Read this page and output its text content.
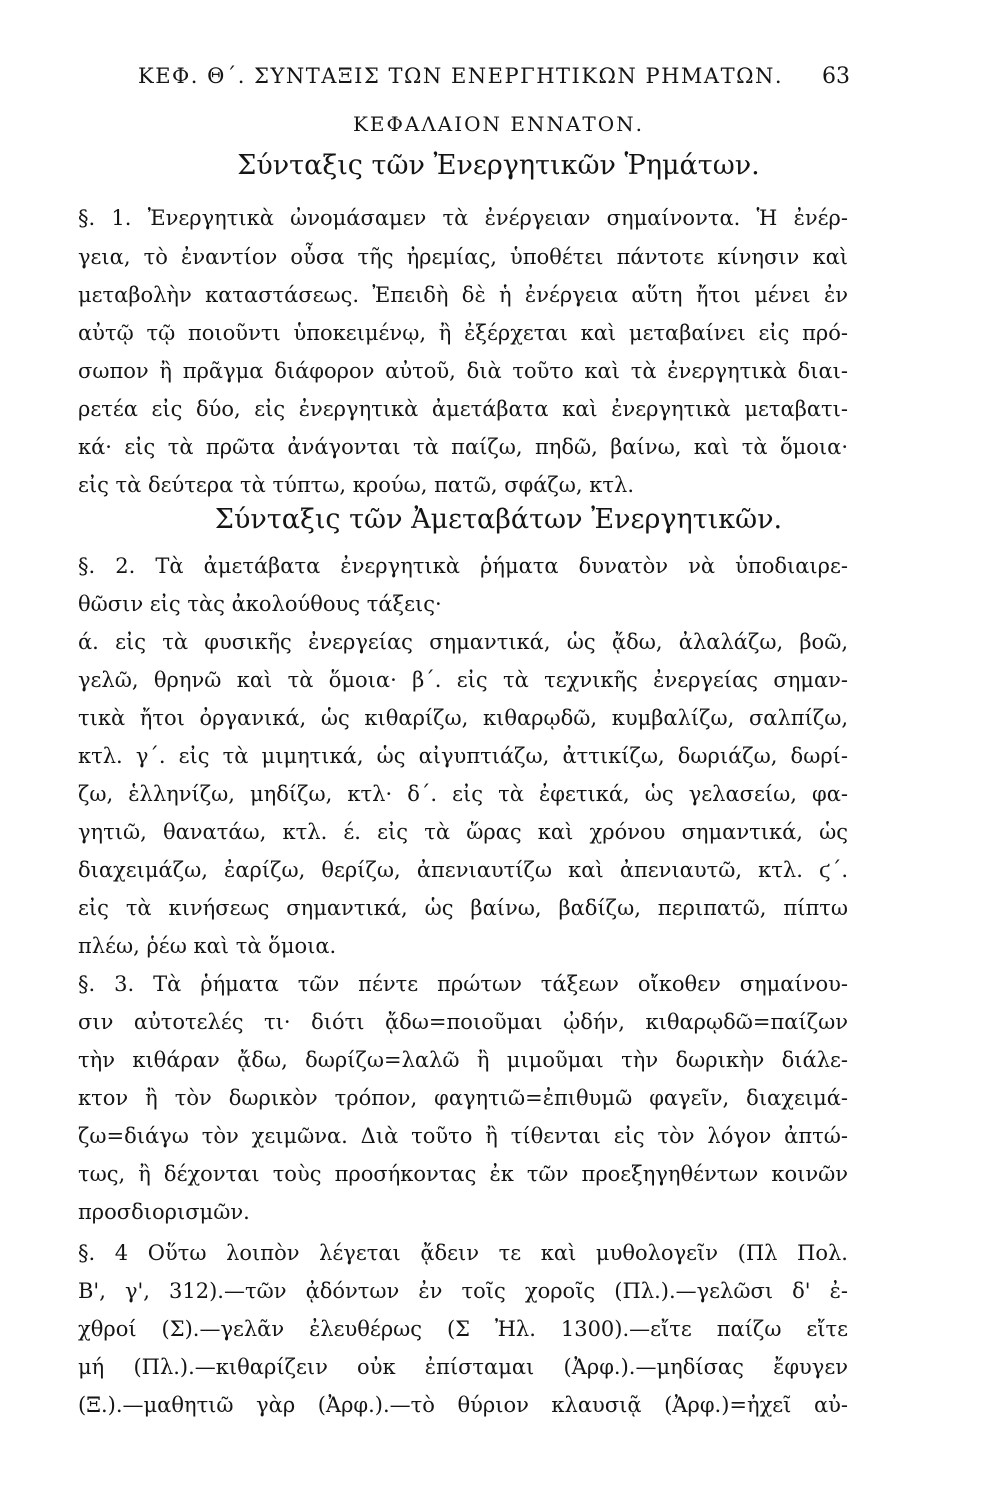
ΚΕΦ. Θ΄. ΣΥΝΤΑΞΙΣ ΤΩΝ ΕΝΕΡΓΗΤΙΚΩΝ ΡΗΜΑΤΩΝ. 63
ΚΕΦΑΛΑΙΟΝ ΕΝΝΑΤΟΝ.
Σύνταξις τῶν Ἐνεργητικῶν Ῥημάτων.
§. 1. Ἐνεργητικὰ ὠνομάσαμεν τὰ ἐνέργειαν σημαίνοντα. Ἡ ἐνέρ-
γεια, τὸ ἐναντίον οὖσα τῆς ἠρεμίας, ὑποθέτει πάντοτε κίνησιν καὶ
μεταβολὴν καταστάσεως. Ἐπειδὴ δὲ ἡ ἐνέργεια αὕτη ἤτοι μένει ἐν
αὐτῷ τῷ ποιοῦντι ὑποκειμένῳ, ἢ ἐξέρχεται καὶ μεταβαίνει εἰς πρό-
σωπον ἢ πρᾶγμα διάφορον αὐτοῦ, διὰ τοῦτο καὶ τὰ ἐνεργητικὰ διαι-
ρετέα εἰς δύο, εἰς ἐνεργητικὰ ἀμετάβατα καὶ ἐνεργητικὰ μεταβατι-
κά· εἰς τὰ πρῶτα ἀνάγονται τὰ παίζω, πηδῶ, βαίνω, καὶ τὰ ὅμοια·
εἰς τὰ δεύτερα τὰ τύπτω, κρούω, πατῶ, σφάζω, κτλ.
Σύνταξις τῶν Ἀμεταβάτων Ἐνεργητικῶν.
§. 2. Τὰ ἀμετάβατα ἐνεργητικὰ ῥήματα δυνατὸν νὰ ὑποδιαιρε-
θῶσιν εἰς τὰς ἀκολούθους τάξεις·
ά. εἰς τὰ φυσικῆς ἐνεργείας σημαντικά, ὡς ᾄδω, ἀλαλάζω, βοῶ,
γελῶ, θρηνῶ καὶ τὰ ὅμοια· β΄. εἰς τὰ τεχνικῆς ἐνεργείας σημαν-
τικὰ ἤτοι ὀργανικά, ὡς κιθαρίζω, κιθαρῳδῶ, κυμβαλίζω, σαλπίζω,
κτλ. γ΄. εἰς τὰ μιμητικά, ὡς αἰγυπτιάζω, ἀττικίζω, δωριάζω, δωρί-
ζω, ἑλληνίζω, μηδίζω, κτλ· δ΄. εἰς τὰ ἐφετικά, ὡς γελασείω, φα-
γητιῶ, θανατάω, κτλ. έ. εἰς τὰ ὥρας καὶ χρόνου σημαντικά, ὡς
διαχειμάζω, ἐαρίζω, θερίζω, ἀπενιαυτίζω καὶ ἀπενιαυτῶ, κτλ. ϛ΄.
εἰς τὰ κινήσεως σημαντικά, ὡς βαίνω, βαδίζω, περιπατῶ, πίπτω
πλέω, ῥέω καὶ τὰ ὅμοια.
§. 3. Τὰ ῥήματα τῶν πέντε πρώτων τάξεων οἴκοθεν σημαίνου-
σιν αὐτοτελές τι· διότι ᾄδω=ποιοῦμαι ᾠδήν, κιθαρῳδῶ=παίζων
τὴν κιθάραν ᾄδω, δωρίζω=λαλῶ ἢ μιμοῦμαι τὴν δωρικὴν διάλε-
κτον ἢ τὸν δωρικὸν τρόπον, φαγητιῶ=ἐπιθυμῶ φαγεῖν, διαχειμά-
ζω=διάγω τὸν χειμῶνα. Διὰ τοῦτο ἢ τίθενται εἰς τὸν λόγον ἀπτώ-
τως, ἢ δέχονται τοὺς προσήκοντας ἐκ τῶν προεξηγηθέντων κοινῶν
προσδιορισμῶν.
§. 4 Οὕτω λοιπὸν λέγεται ᾄδειν τε καὶ μυθολογεῖν (Πλ Πολ.
Β', γ', 312).—τῶν ᾀδόντων ἐν τοῖς χοροῖς (Πλ.).—γελῶσι δ' ἐ-
χθροί (Σ).—γελᾶν ἐλευθέρως (Σ Ἠλ. 1300).—εἴτε παίζω εἴτε
μή (Πλ.).—κιθαρίζειν οὐκ ἐπίσταμαι (Ἀρφ.).—μηδίσας ἔφυγεν
(Ξ.).—μαθητιῶ γὰρ (Ἀρφ.).—τὸ θύριον κλαυσιᾷ (Ἀρφ.)=ἠχεῖ αὐ-
